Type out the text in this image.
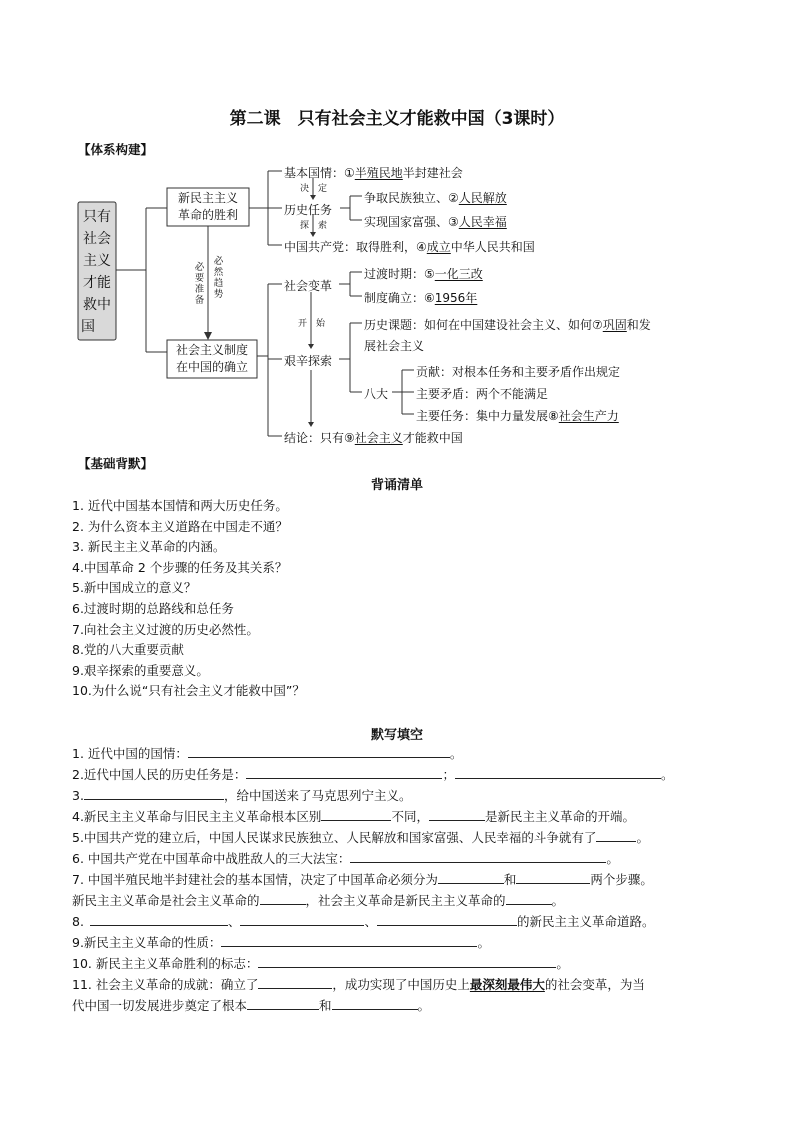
第二课　只有社会主义才能救中国（3课时）
【体系构建】
只有
社会
主义
才能
救中
国
新民主主义
革命的胜利
社会主义制度
在中国的确立
必
要
准
备
必
然
趋
势
基本国情：①半殖民地半封建社会
决　定
历史任务
争取民族独立、②人民解放
实现国家富强、③人民幸福
探　索
中国共产党：取得胜利，④成立中华人民共和国
社会变革
过渡时期：⑤一化三改
制度确立：⑥1956年
开　始
艰辛探索
历史课题：如何在中国建设社会主义、如何⑦巩固和发
展社会主义
八大
贡献：对根本任务和主要矛盾作出规定
主要矛盾：两个不能满足
主要任务：集中力量发展⑧社会生产力
结论：只有⑨社会主义才能救中国
【基础背默】
背诵清单
1. 近代中国基本国情和两大历史任务。
2. 为什么资本主义道路在中国走不通？
3. 新民主主义革命的内涵。
4.中国革命 2 个步骤的任务及其关系？
5.新中国成立的意义？
6.过渡时期的总路线和总任务
7.向社会主义过渡的历史必然性。
8.党的八大重要贡献
9.艰辛探索的重要意义。
10.为什么说“只有社会主义才能救中国”？
默写填空
1. 近代中国的国情：	。
2.近代中国人民的历史任务是：	；	。
3.	，给中国送来了马克思列宁主义。
4.新民主主义革命与旧民主主义革命根本区别	不同，	是新民主主义革命的开端。
5.中国共产党的建立后，中国人民谋求民族独立、人民解放和国家富强、人民幸福的斗争就有了	。
6. 中国共产党在中国革命中战胜敌人的三大法宝：	。
7. 中国半殖民地半封建社会的基本国情，决定了中国革命必须分为	和	两个步骤。
新民主主义革命是社会主义革命的	，社会主义革命是新民主主义革命的	。
8.	、	、	的新民主主义革命道路。
9.新民主主义革命的性质：	。
10. 新民主主义革命胜利的标志：	。
11. 社会主义革命的成就：确立了	，成功实现了中国历史上最深刻最伟大的社会变革，为当
代中国一切发展进步奠定了根本	和	。
